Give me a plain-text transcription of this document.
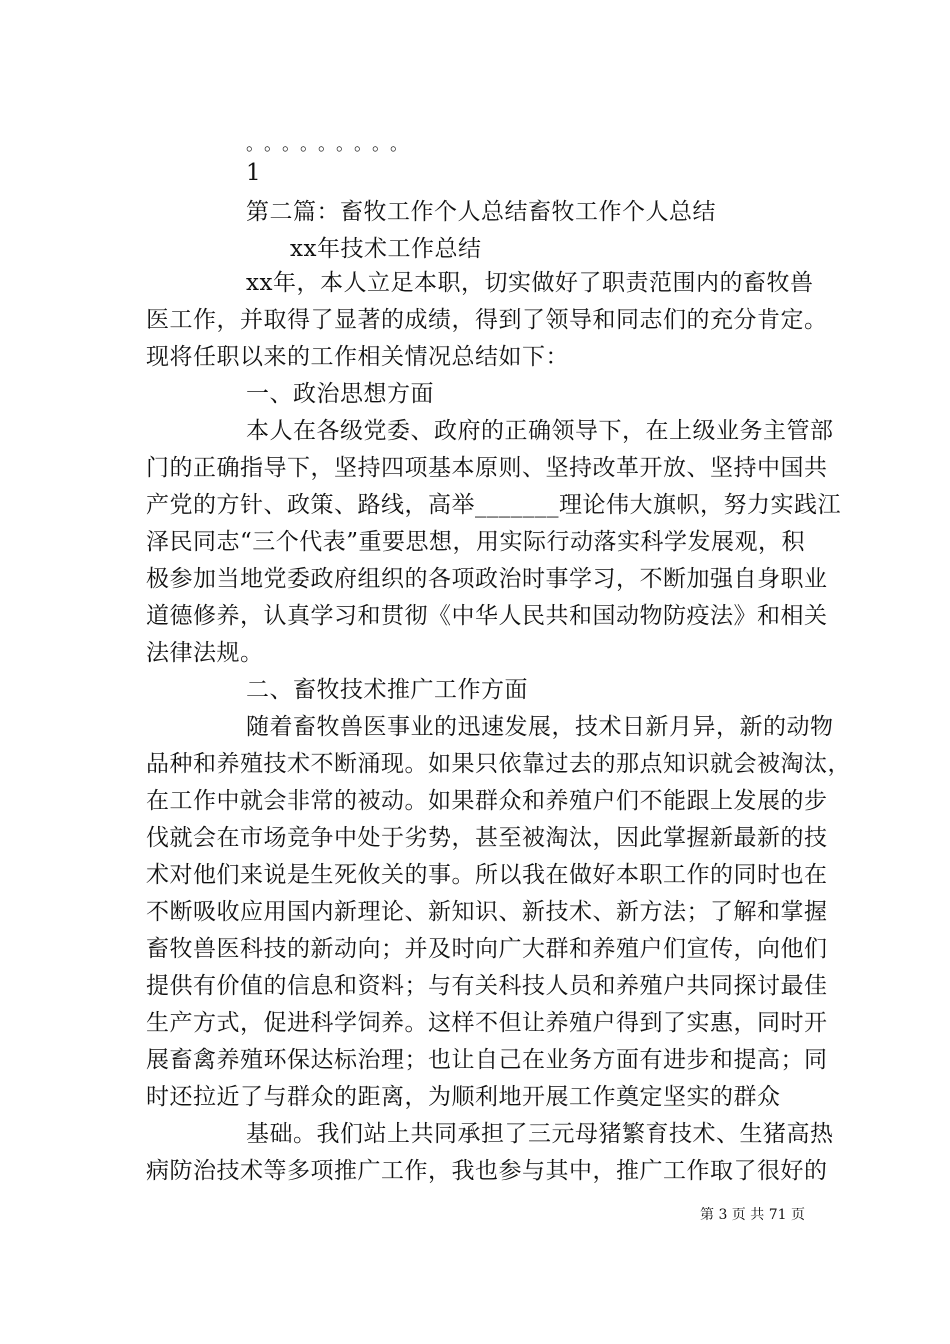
。。。。。。。。。
1
第二篇：畜牧工作个人总结畜牧工作个人总结
xx年技术工作总结
xx年，本人立足本职，切实做好了职责范围内的畜牧兽
医工作，并取得了显著的成绩，得到了领导和同志们的充分肯定。
现将任职以来的工作相关情况总结如下：
一、政治思想方面
本人在各级党委、政府的正确领导下，在上级业务主管部
门的正确指导下，坚持四项基本原则、坚持改革开放、坚持中国共
产党的方针、政策、路线，高举_______理论伟大旗帜，努力实践江
泽民同志“三个代表”重要思想，用实际行动落实科学发展观，积
极参加当地党委政府组织的各项政治时事学习，不断加强自身职业
道德修养，认真学习和贯彻《中华人民共和国动物防疫法》和相关
法律法规。
二、畜牧技术推广工作方面
随着畜牧兽医事业的迅速发展，技术日新月异，新的动物
品种和养殖技术不断涌现。如果只依靠过去的那点知识就会被淘汰，
在工作中就会非常的被动。如果群众和养殖户们不能跟上发展的步
伐就会在市场竞争中处于劣势，甚至被淘汰，因此掌握新最新的技
术对他们来说是生死攸关的事。所以我在做好本职工作的同时也在
不断吸收应用国内新理论、新知识、新技术、新方法；了解和掌握
畜牧兽医科技的新动向；并及时向广大群和养殖户们宣传，向他们
提供有价值的信息和资料；与有关科技人员和养殖户共同探讨最佳
生产方式，促进科学饲养。这样不但让养殖户得到了实惠，同时开
展畜禽养殖环保达标治理；也让自己在业务方面有进步和提高；同
时还拉近了与群众的距离，为顺利地开展工作奠定坚实的群众
基础。我们站上共同承担了三元母猪繁育技术、生猪高热
病防治技术等多项推广工作，我也参与其中，推广工作取了很好的
第 3 页 共 71 页
